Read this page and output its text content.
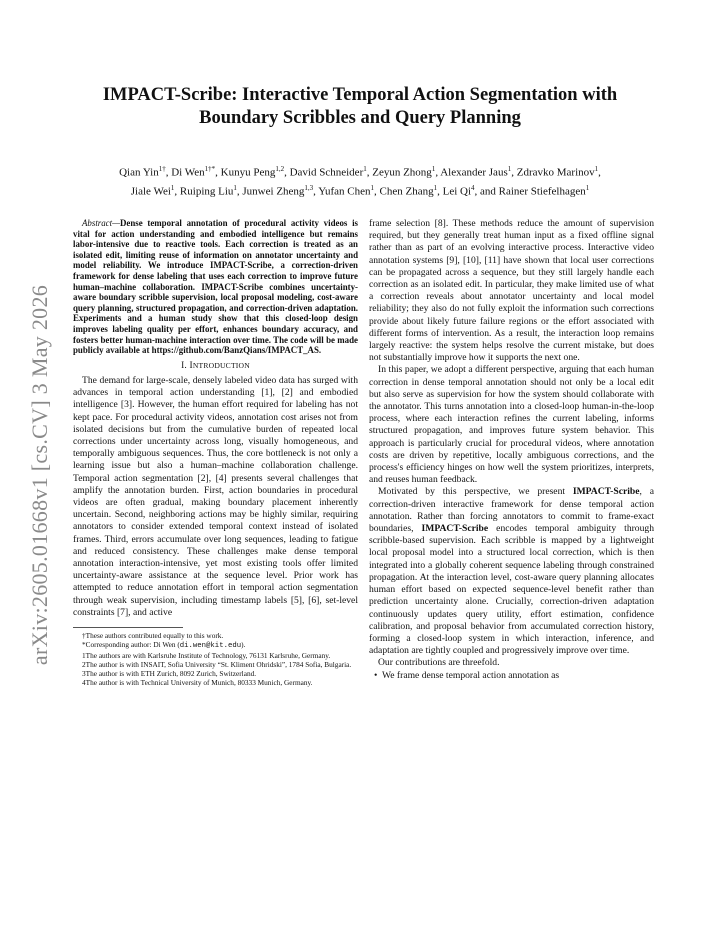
arXiv:2605.01668v1 [cs.CV] 3 May 2026
IMPACT-Scribe: Interactive Temporal Action Segmentation with
Boundary Scribbles and Query Planning
Qian Yin$^{1\dagger}$, Di Wen$^{1\dagger*}$, Kunyu Peng$^{1,2}$, David Schneider$^1$, Zeyun Zhong$^1$, Alexander Jaus$^1$, Zdravko Marinov$^1$,
Jiale Wei$^1$, Ruiping Liu$^1$, Junwei Zheng$^{1,3}$, Yufan Chen$^1$, Chen Zhang$^1$, Lei Qi$^4$, and Rainer Stiefelhagen$^1$
Abstract—Dense temporal annotation of procedural activity videos is vital for action understanding and embodied intelligence but remains labor-intensive due to reactive tools. Each correction is treated as an isolated edit, limiting reuse of information on annotator uncertainty and model reliability. We introduce IMPACT-Scribe, a correction-driven framework for dense labeling that uses each correction to improve future human–machine collaboration. IMPACT-Scribe combines uncertainty-aware boundary scribble supervision, local proposal modeling, cost-aware query planning, structured propagation, and correction-driven adaptation. Experiments and a human study show that this closed-loop design improves labeling quality per effort, enhances boundary accuracy, and fosters better human-machine interaction over time. The code will be made publicly available at https://github.com/BanzQians/IMPACT_AS.
I. INTRODUCTION
The demand for large-scale, densely labeled video data has surged with advances in temporal action understanding [1], [2] and embodied intelligence [3]. However, the human effort required for labeling has not kept pace. For procedural activity videos, annotation cost arises not from isolated decisions but from the cumulative burden of repeated local corrections under uncertainty across long, visually homogeneous, and temporally ambiguous sequences. Thus, the core bottleneck is not only a learning issue but also a human–machine collaboration challenge. Temporal action segmentation [2], [4] presents several challenges that amplify the annotation burden. First, action boundaries in procedural videos are often gradual, making boundary placement inherently uncertain. Second, neighboring actions may be highly similar, requiring annotators to consider extended temporal context instead of isolated frames. Third, errors accumulate over long sequences, leading to fatigue and reduced consistency. These challenges make dense temporal annotation interaction-intensive, yet most existing tools offer limited uncertainty-aware assistance at the sequence level. Prior work has attempted to reduce annotation effort in temporal action segmentation through weak supervision, including timestamp labels [5], [6], set-level constraints [7], and active
†These authors contributed equally to this work.
*Corresponding author: Di Wen (di.wen@kit.edu).
1The authors are with Karlsruhe Institute of Technology, 76131 Karlsruhe, Germany.
2The author is with INSAIT, Sofia University “St. Kliment Ohridski”, 1784 Sofia, Bulgaria.
3The author is with ETH Zurich, 8092 Zurich, Switzerland.
4The author is with Technical University of Munich, 80333 Munich, Germany.
frame selection [8]. These methods reduce the amount of supervision required, but they generally treat human input as a fixed offline signal rather than as part of an evolving interactive process. Interactive video annotation systems [9], [10], [11] have shown that local user corrections can be propagated across a sequence, but they still largely handle each correction as an isolated edit. In particular, they make limited use of what a correction reveals about annotator uncertainty and local model reliability; they also do not fully exploit the information such corrections provide about likely future failure regions or the effort associated with different forms of intervention. As a result, the interaction loop remains largely reactive: the system helps resolve the current mistake, but does not substantially improve how it supports the next one.
In this paper, we adopt a different perspective, arguing that each human correction in dense temporal annotation should not only be a local edit but also serve as supervision for how the system should collaborate with the annotator. This turns annotation into a closed-loop human-in-the-loop process, where each interaction refines the current labeling, informs structured propagation, and improves future system behavior. This approach is particularly crucial for procedural videos, where annotation costs are driven by repetitive, locally ambiguous corrections, and the process's efficiency hinges on how well the system prioritizes, interprets, and reuses human feedback.
Motivated by this perspective, we present IMPACT-Scribe, a correction-driven interactive framework for dense temporal action annotation. Rather than forcing annotators to commit to frame-exact boundaries, IMPACT-Scribe encodes temporal ambiguity through scribble-based supervision. Each scribble is mapped by a lightweight local proposal model into a structured local correction, which is then integrated into a globally coherent sequence labeling through constrained propagation. At the interaction level, cost-aware query planning allocates human effort based on expected sequence-level benefit rather than prediction uncertainty alone. Crucially, correction-driven adaptation continuously updates query utility, effort estimation, confidence calibration, and proposal behavior from accumulated correction history, forming a closed-loop system in which interaction, inference, and adaptation are tightly coupled and progressively improve over time.
Our contributions are threefold.
•  We frame dense temporal action annotation as
